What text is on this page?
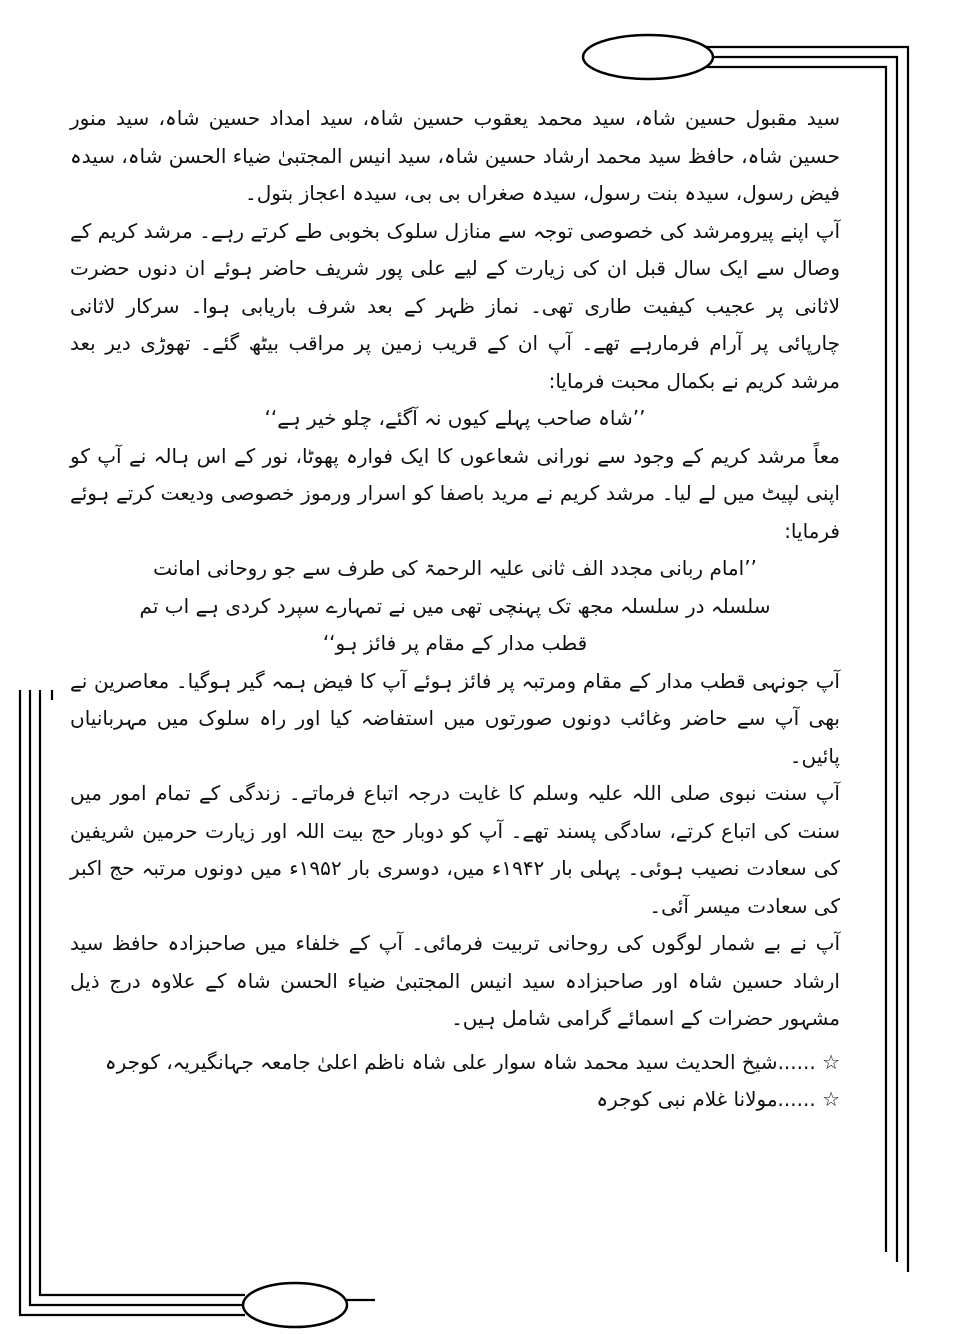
سید مقبول حسین شاہ، سید محمد یعقوب حسین شاہ، سید امداد حسین شاہ، سید منور حسین شاہ، حافظ سید محمد ارشاد حسین شاہ، سید انیس المجتبیٰ ضیاء الحسن شاہ، سیدہ فیض رسول، سیدہ بنت رسول، سیدہ صغراں بی بی، سیدہ اعجاز بتول۔

آپ اپنے پیرومرشد کی خصوصی توجہ سے منازل سلوک بخوبی طے کرتے رہے۔ مرشد کریم کے وصال سے ایک سال قبل ان کی زیارت کے لیے علی پور شریف حاضر ہوئے ان دنوں حضرت لاثانی پر عجیب کیفیت طاری تھی۔ نماز ظہر کے بعد شرف باریابی ہوا۔ سرکار لاثانی چارپائی پر آرام فرمارہے تھے۔ آپ ان کے قریب زمین پر مراقب بیٹھ گئے۔ تھوڑی دیر بعد مرشد کریم نے بکمال محبت فرمایا:

’’شاہ صاحب پہلے کیوں نہ آگئے، چلو خیر ہے‘‘

معاً مرشد کریم کے وجود سے نورانی شعاعوں کا ایک فوارہ پھوٹا، نور کے اس ہالہ نے آپ کو اپنی لپیٹ میں لے لیا۔ مرشد کریم نے مرید باصفا کو اسرار ورموز خصوصی ودیعت کرتے ہوئے فرمایا:

’’امام ربانی مجدد الف ثانی علیہ الرحمۃ کی طرف سے جو روحانی امانت

سلسلہ در سلسلہ مجھ تک پہنچی تھی میں نے تمہارے سپرد کردی ہے اب تم

قطب مدار کے مقام پر فائز ہو‘‘

آپ جونہی قطب مدار کے مقام ومرتبہ پر فائز ہوئے آپ کا فیض ہمہ گیر ہوگیا۔ معاصرین نے بھی آپ سے حاضر وغائب دونوں صورتوں میں استفاضہ کیا اور راہ سلوک میں مہربانیاں پائیں۔

آپ سنت نبوی صلی اللہ علیہ وسلم کا غایت درجہ اتباع فرماتے۔ زندگی کے تمام امور میں سنت کی اتباع کرتے، سادگی پسند تھے۔ آپ کو دوبار حج بیت اللہ اور زیارت حرمین شریفین کی سعادت نصیب ہوئی۔ پہلی بار ۱۹۴۲ء میں، دوسری بار ۱۹۵۲ء میں دونوں مرتبہ حج اکبر کی سعادت میسر آئی۔

آپ نے بے شمار لوگوں کی روحانی تربیت فرمائی۔ آپ کے خلفاء میں صاحبزادہ حافظ سید ارشاد حسین شاہ اور صاحبزادہ سید انیس المجتبیٰ ضیاء الحسن شاہ کے علاوہ درج ذیل مشہور حضرات کے اسمائے گرامی شامل ہیں۔

☆ ......شیخ الحدیث سید محمد شاہ سوار علی شاہ ناظم اعلیٰ جامعہ جہانگیریہ، کوجرہ

☆ ......مولانا غلام نبی کوجرہ
